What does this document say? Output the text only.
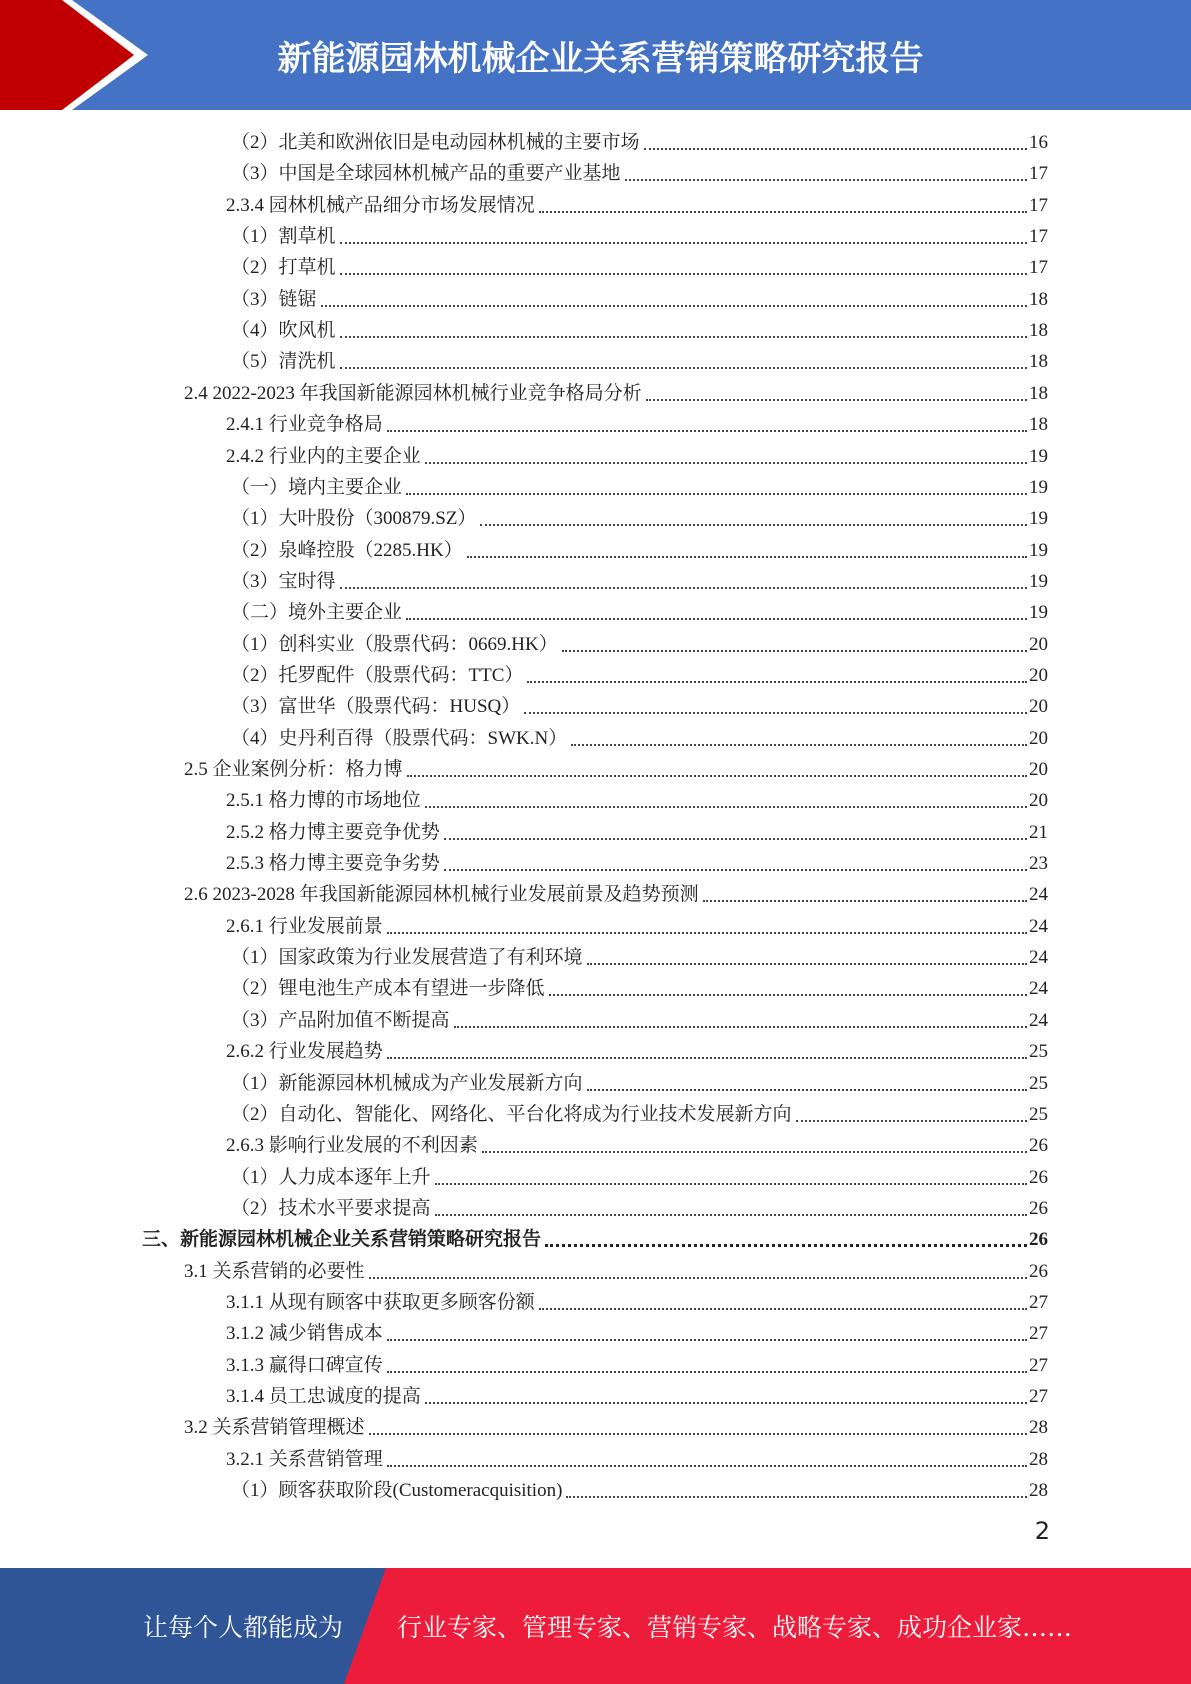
新能源园林机械企业关系营销策略研究报告
（2）北美和欧洲依旧是电动园林机械的主要市场	16
（3）中国是全球园林机械产品的重要产业基地	17
2.3.4 园林机械产品细分市场发展情况	17
（1）割草机	17
（2）打草机	17
（3）链锯	18
（4）吹风机	18
（5）清洗机	18
2.4 2022-2023 年我国新能源园林机械行业竞争格局分析	18
2.4.1 行业竞争格局	18
2.4.2 行业内的主要企业	19
（一）境内主要企业	19
（1）大叶股份（300879.SZ）	19
（2）泉峰控股（2285.HK）	19
（3）宝时得	19
（二）境外主要企业	19
（1）创科实业（股票代码：0669.HK）	20
（2）托罗配件（股票代码：TTC）	20
（3）富世华（股票代码：HUSQ）	20
（4）史丹利百得（股票代码：SWK.N）	20
2.5 企业案例分析：格力博	20
2.5.1 格力博的市场地位	20
2.5.2 格力博主要竞争优势	21
2.5.3 格力博主要竞争劣势	23
2.6 2023-2028 年我国新能源园林机械行业发展前景及趋势预测	24
2.6.1 行业发展前景	24
（1）国家政策为行业发展营造了有利环境	24
（2）锂电池生产成本有望进一步降低	24
（3）产品附加值不断提高	24
2.6.2 行业发展趋势	25
（1）新能源园林机械成为产业发展新方向	25
（2）自动化、智能化、网络化、平台化将成为行业技术发展新方向	25
2.6.3 影响行业发展的不利因素	26
（1）人力成本逐年上升	26
（2）技术水平要求提高	26
三、新能源园林机械企业关系营销策略研究报告	26
3.1 关系营销的必要性	26
3.1.1 从现有顾客中获取更多顾客份额	27
3.1.2 减少销售成本	27
3.1.3 赢得口碑宣传	27
3.1.4 员工忠诚度的提高	27
3.2 关系营销管理概述	28
3.2.1 关系营销管理	28
（1）顾客获取阶段(Customeracquisition)	28
2
让每个人都能成为 行业专家、管理专家、营销专家、战略专家、成功企业家……
